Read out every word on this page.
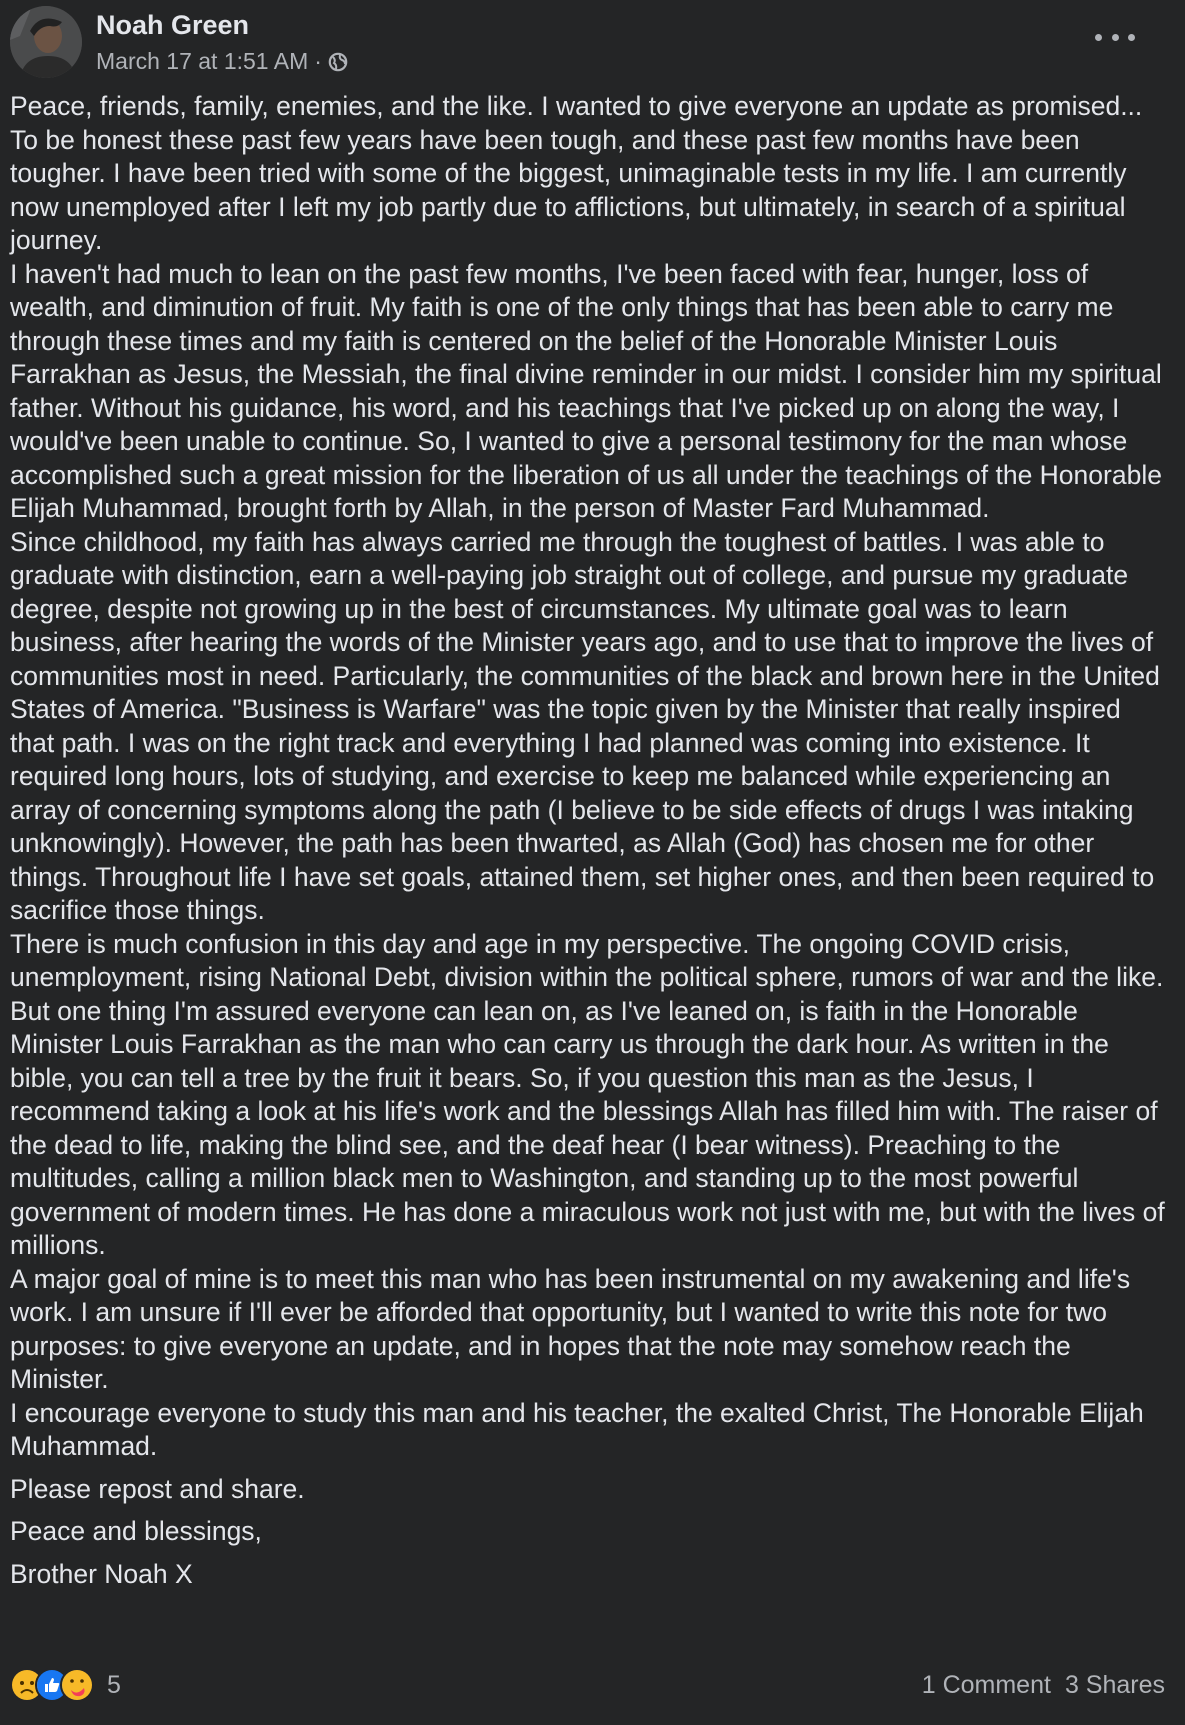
Noah Green
March 17 at 1:51 AM ·

Peace, friends, family, enemies, and the like. I wanted to give everyone an update as promised... To be honest these past few years have been tough, and these past few months have been tougher. I have been tried with some of the biggest, unimaginable tests in my life. I am currently now unemployed after I left my job partly due to afflictions, but ultimately, in search of a spiritual journey.

I haven't had much to lean on the past few months, I've been faced with fear, hunger, loss of wealth, and diminution of fruit. My faith is one of the only things that has been able to carry me through these times and my faith is centered on the belief of the Honorable Minister Louis Farrakhan as Jesus, the Messiah, the final divine reminder in our midst. I consider him my spiritual father. Without his guidance, his word, and his teachings that I've picked up on along the way, I would've been unable to continue. So, I wanted to give a personal testimony for the man whose accomplished such a great mission for the liberation of us all under the teachings of the Honorable Elijah Muhammad, brought forth by Allah, in the person of Master Fard Muhammad.

Since childhood, my faith has always carried me through the toughest of battles. I was able to graduate with distinction, earn a well-paying job straight out of college, and pursue my graduate degree, despite not growing up in the best of circumstances. My ultimate goal was to learn business, after hearing the words of the Minister years ago, and to use that to improve the lives of communities most in need. Particularly, the communities of the black and brown here in the United States of America. "Business is Warfare" was the topic given by the Minister that really inspired that path. I was on the right track and everything I had planned was coming into existence. It required long hours, lots of studying, and exercise to keep me balanced while experiencing an array of concerning symptoms along the path (I believe to be side effects of drugs I was intaking unknowingly). However, the path has been thwarted, as Allah (God) has chosen me for other things. Throughout life I have set goals, attained them, set higher ones, and then been required to sacrifice those things.

There is much confusion in this day and age in my perspective. The ongoing COVID crisis, unemployment, rising National Debt, division within the political sphere, rumors of war and the like. But one thing I'm assured everyone can lean on, as I've leaned on, is faith in the Honorable Minister Louis Farrakhan as the man who can carry us through the dark hour. As written in the bible, you can tell a tree by the fruit it bears. So, if you question this man as the Jesus, I recommend taking a look at his life's work and the blessings Allah has filled him with. The raiser of the dead to life, making the blind see, and the deaf hear (I bear witness). Preaching to the multitudes, calling a million black men to Washington, and standing up to the most powerful government of modern times. He has done a miraculous work not just with me, but with the lives of millions.

A major goal of mine is to meet this man who has been instrumental on my awakening and life's work. I am unsure if I'll ever be afforded that opportunity, but I wanted to write this note for two purposes: to give everyone an update, and in hopes that the note may somehow reach the Minister.

I encourage everyone to study this man and his teacher, the exalted Christ, The Honorable Elijah Muhammad.

Please repost and share.

Peace and blessings,

Brother Noah X

5	1 Comment 3 Shares
